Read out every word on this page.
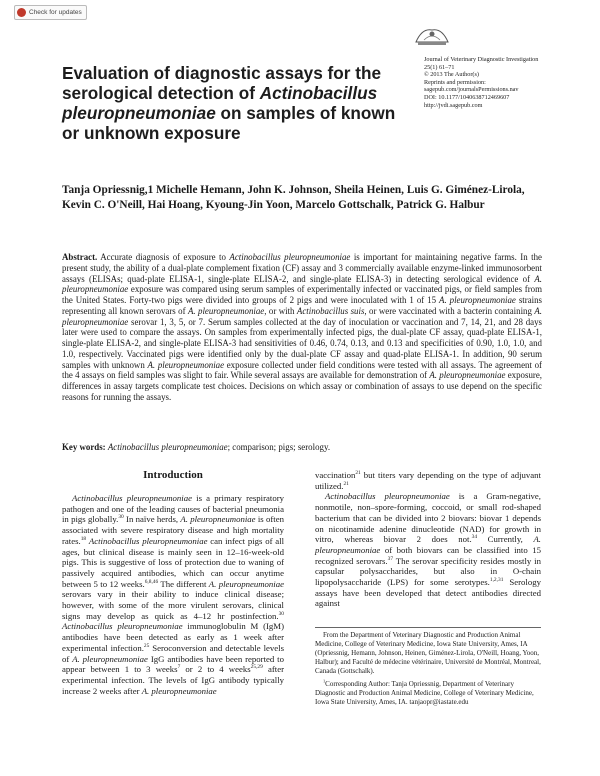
Check for updates
Journal of Veterinary Diagnostic Investigation
25(1) 61–71
© 2013 The Author(s)
Reprints and permission:
sagepub.com/journalsPermissions.nav
DOI: 10.1177/1040638712469607
http://jvdi.sagepub.com
Evaluation of diagnostic assays for the serological detection of Actinobacillus pleuropneumoniae on samples of known or unknown exposure
Tanja Opriessnig,1 Michelle Hemann, John K. Johnson, Sheila Heinen, Luis G. Giménez-Lirola, Kevin C. O'Neill, Hai Hoang, Kyoung-Jin Yoon, Marcelo Gottschalk, Patrick G. Halbur
Abstract. Accurate diagnosis of exposure to Actinobacillus pleuropneumoniae is important for maintaining negative farms. In the present study, the ability of a dual-plate complement fixation (CF) assay and 3 commercially available enzyme-linked immunosorbent assays (ELISAs; quad-plate ELISA-1, single-plate ELISA-2, and single-plate ELISA-3) in detecting serological evidence of A. pleuropneumoniae exposure was compared using serum samples of experimentally infected or vaccinated pigs, or field samples from the United States. Forty-two pigs were divided into groups of 2 pigs and were inoculated with 1 of 15 A. pleuropneumoniae strains representing all known serovars of A. pleuropneumoniae, or with Actinobacillus suis, or were vaccinated with a bacterin containing A. pleuropneumoniae serovar 1, 3, 5, or 7. Serum samples collected at the day of inoculation or vaccination and 7, 14, 21, and 28 days later were used to compare the assays. On samples from experimentally infected pigs, the dual-plate CF assay, quad-plate ELISA-1, single-plate ELISA-2, and single-plate ELISA-3 had sensitivities of 0.46, 0.74, 0.13, and 0.13 and specificities of 0.90, 1.0, 1.0, and 1.0, respectively. Vaccinated pigs were identified only by the dual-plate CF assay and quad-plate ELISA-1. In addition, 90 serum samples with unknown A. pleuropneumoniae exposure collected under field conditions were tested with all assays. The agreement of the 4 assays on field samples was slight to fair. While several assays are available for demonstration of A. pleuropneumoniae exposure, differences in assay targets complicate test choices. Decisions on which assay or combination of assays to use depend on the specific reasons for running the assays.
Key words: Actinobacillus pleuropneumoniae; comparison; pigs; serology.
Introduction

Actinobacillus pleuropneumoniae is a primary respiratory pathogen and one of the leading causes of bacterial pneumonia in pigs globally.$^{30}$ In naïve herds, A. pleuropneumoniae is often associated with severe respiratory disease and high mortality rates.$^{18}$ Actinobacillus pleuropneumoniae can infect pigs of all ages, but clinical disease is mainly seen in 12–16-week-old pigs. This is suggestive of loss of protection due to waning of passively acquired antibodies, which can occur anytime between 5 to 12 weeks.$^{6,8,46}$ The different A. pleuropneumoniae serovars vary in their ability to induce clinical disease; however, with some of the more virulent serovars, clinical signs may develop as quick as 4–12 hr postinfection.$^{30}$ Actinobacillus pleuropneumoniae immunoglobulin M (IgM) antibodies have been detected as early as 1 week after experimental infection.$^{25}$ Seroconversion and detectable levels of A. pleuropneumoniae IgG antibodies have been reported to appear between 1 to 3 weeks$^7$ or 2 to 4 weeks$^{25,29}$ after experimental infection. The levels of IgG antibody typically increase 2 weeks after A. pleuropneumoniae

vaccination$^{21}$ but titers vary depending on the type of adjuvant utilized.$^{21}$

Actinobacillus pleuropneumoniae is a Gram-negative, nonmotile, non–spore-forming, coccoid, or small rod-shaped bacterium that can be divided into 2 biovars: biovar 1 depends on nicotinamide adenine dinucleotide (NAD) for growth in vitro, whereas biovar 2 does not.$^{34}$ Currently, A. pleuropneumoniae of both biovars can be classified into 15 recognized serovars.$^{37}$ The serovar specificity resides mostly in capsular polysaccharides, but also in O-chain lipopolysaccharide (LPS) for some serotypes.$^{1,2,31}$ Serology assays have been developed that detect antibodies directed against

From the Department of Veterinary Diagnostic and Production Animal Medicine, College of Veterinary Medicine, Iowa State University, Ames, IA (Opriessnig, Hemann, Johnson, Heinen, Giménez-Lirola, O'Neill, Hoang, Yoon, Halbur); and Faculté de médecine vétérinaire, Université de Montréal, Montreal, Canada (Gottschalk).

$^1$Corresponding Author: Tanja Opriessnig, Department of Veterinary Diagnostic and Production Animal Medicine, College of Veterinary Medicine, Iowa State University, Ames, IA. tanjaopr@iastate.edu
